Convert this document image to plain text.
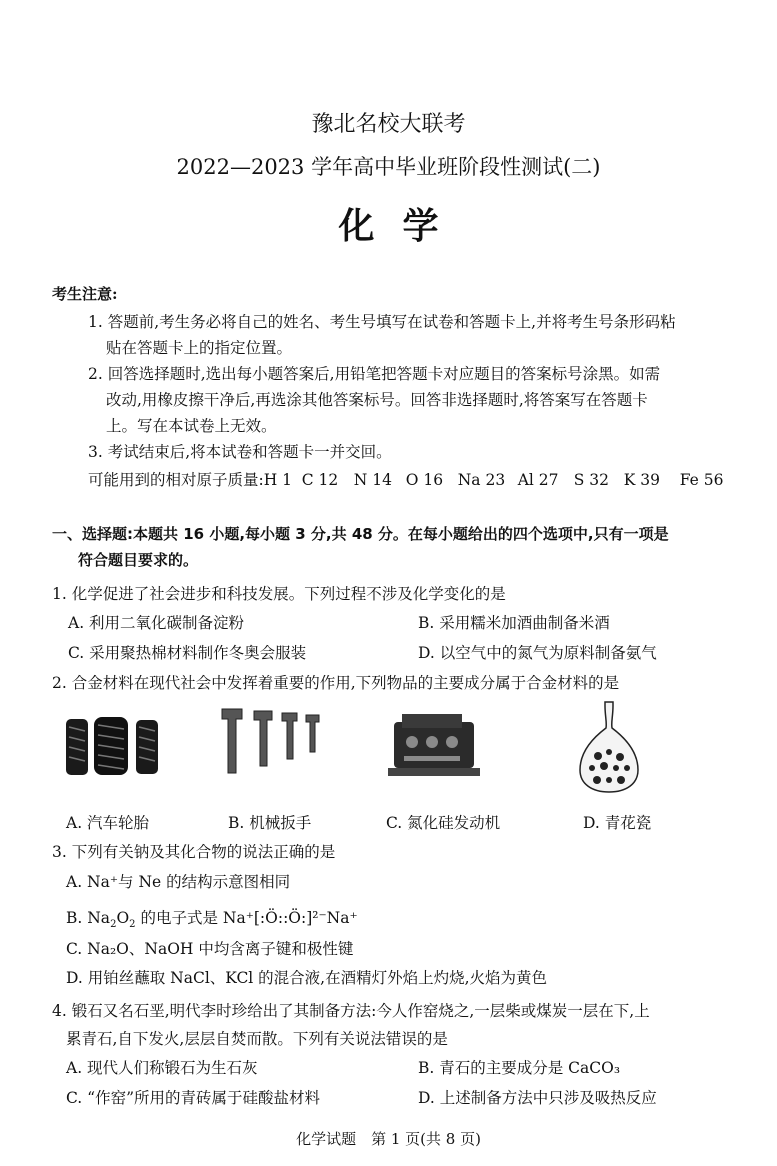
豫北名校大联考
2022—2023 学年高中毕业班阶段性测试(二)
化学
考生注意:
1. 答题前,考生务必将自己的姓名、考生号填写在试卷和答题卡上,并将考生号条形码粘
贴在答题卡上的指定位置。
2. 回答选择题时,选出每小题答案后,用铅笔把答题卡对应题目的答案标号涂黑。如需
改动,用橡皮擦干净后,再选涂其他答案标号。回答非选择题时,将答案写在答题卡
上。写在本试卷上无效。
3. 考试结束后,将本试卷和答题卡一并交回。
可能用到的相对原子质量:H 1 C 12 N 14 O 16 Na 23 Al 27 S 32 K 39 Fe 56
一、选择题:本题共 16 小题,每小题 3 分,共 48 分。在每小题给出的四个选项中,只有一项是
符合题目要求的。
1. 化学促进了社会进步和科技发展。下列过程不涉及化学变化的是
A. 利用二氧化碳制备淀粉	B. 采用糯米加酒曲制备米酒
C. 采用聚热棉材料制作冬奥会服装	D. 以空气中的氮气为原料制备氨气
2. 合金材料在现代社会中发挥着重要的作用,下列物品的主要成分属于合金材料的是
A. 汽车轮胎	B. 机械扳手	C. 氮化硅发动机	D. 青花瓷
3. 下列有关钠及其化合物的说法正确的是
A. Na⁺与 Ne 的结构示意图相同
B. $Na_2O_2$ 的电子式是 Na⁺[:Ö::Ö:]²⁻Na⁺
C. Na₂O、NaOH 中均含离子键和极性键
D. 用铂丝蘸取 NaCl、KCl 的混合液,在酒精灯外焰上灼烧,火焰为黄色
4. 锻石又名石垩,明代李时珍给出了其制备方法:今人作窑烧之,一层柴或煤炭一层在下,上
累青石,自下发火,层层自焚而散。下列有关说法错误的是
A. 现代人们称锻石为生石灰	B. 青石的主要成分是 CaCO₃
C. “作窑”所用的青砖属于硅酸盐材料	D. 上述制备方法中只涉及吸热反应
化学试题　第 1 页(共 8 页)
